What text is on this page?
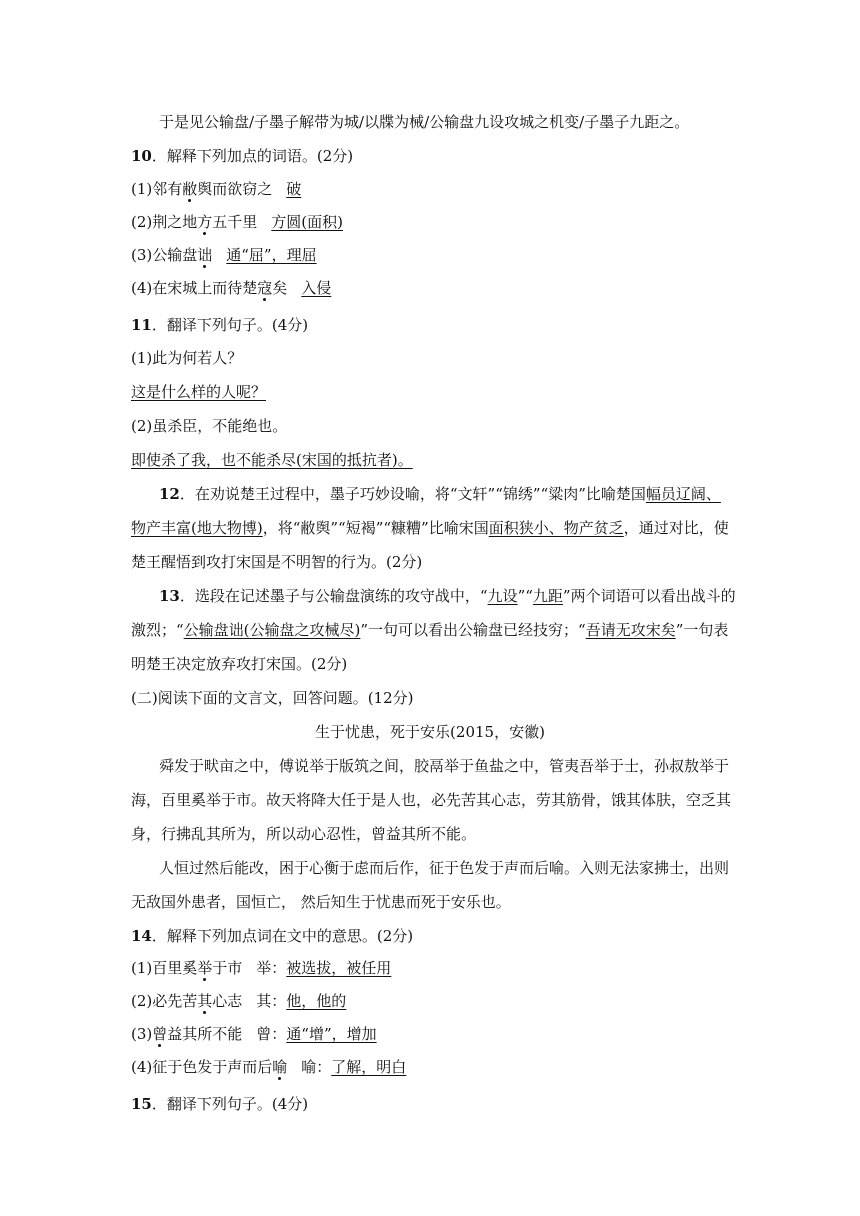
于是见公输盘/子墨子解带为城/以牒为械/公输盘九设攻城之机变/子墨子九距之。
10．解释下列加点的词语。(2分)
(1)邻有敝舆而欲窃之 破
(2)荆之地方五千里 方圆(面积)
(3)公输盘诎 通“屈”，理屈
(4)在宋城上而待楚寇矣 入侵
11．翻译下列句子。(4分)
(1)此为何若人？
这是什么样的人呢？
(2)虽杀臣，不能绝也。
即使杀了我，也不能杀尽(宋国的抵抗者)。
12．在劝说楚王过程中，墨子巧妙设喻，将“文轩”“锦绣”“粱肉”比喻楚国幅员辽阔、
物产丰富(地大物博)，将“敝舆”“短褐”“糠糟”比喻宋国面积狭小、物产贫乏，通过对比，使
楚王醒悟到攻打宋国是不明智的行为。(2分)
13．选段在记述墨子与公输盘演练的攻守战中，“九设”“九距”两个词语可以看出战斗的
激烈；“公输盘诎(公输盘之攻械尽)”一句可以看出公输盘已经技穷；“吾请无攻宋矣”一句表
明楚王决定放弃攻打宋国。(2分)
(二)阅读下面的文言文，回答问题。(12分)
生于忧患，死于安乐(2015，安徽)
舜发于畎亩之中，傅说举于版筑之间，胶鬲举于鱼盐之中，管夷吾举于士，孙叔敖举于
海，百里奚举于市。故天将降大任于是人也，必先苦其心志，劳其筋骨，饿其体肤，空乏其
身，行拂乱其所为，所以动心忍性，曾益其所不能。
人恒过然后能改，困于心衡于虑而后作，征于色发于声而后喻。入则无法家拂士，出则
无敌国外患者，国恒亡， 然后知生于忧患而死于安乐也。
14．解释下列加点词在文中的意思。(2分)
(1)百里奚举于市 举：被选拔，被任用
(2)必先苦其心志 其：他，他的
(3)曾益其所不能 曾：通“增”，增加
(4)征于色发于声而后喻 喻：了解，明白
15．翻译下列句子。(4分)
